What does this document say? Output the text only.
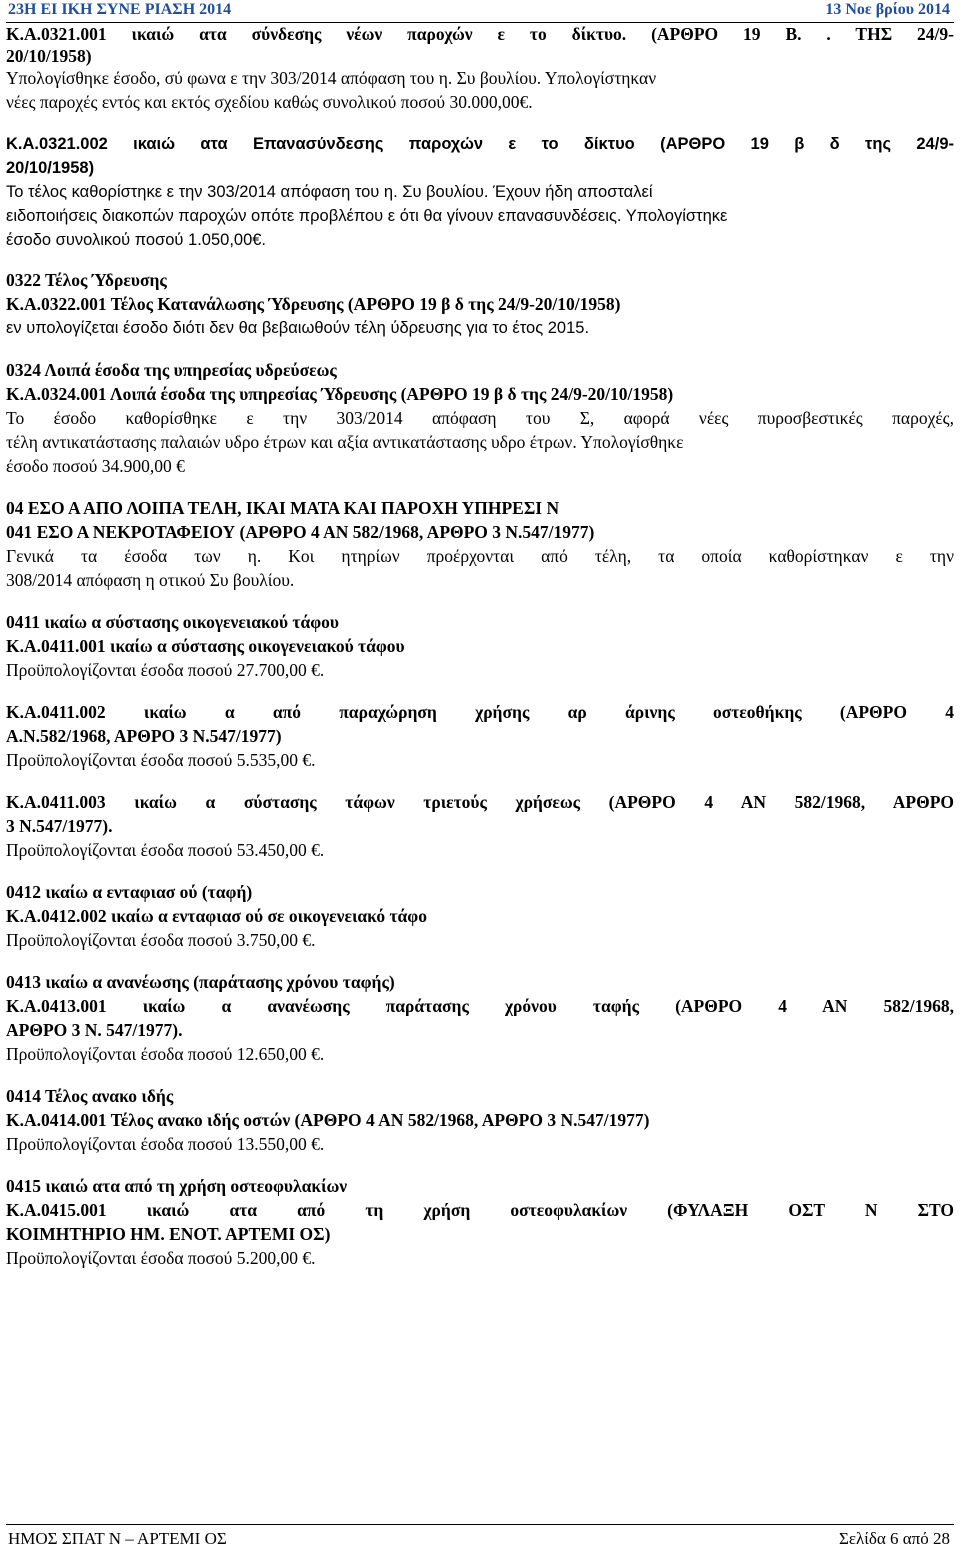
23Η ΕΙ ΙΚΗ ΣΥΝΕ ΡΙΑΣΗ 2014	13 Νοε βρίου 2014
Κ.Α.0321.001 ικαιώ ατα σύνδεσης νέων παροχών ε το δίκτυο. (ΑΡΘΡΟ 19 Β. . ΤΗΣ 24/9-
20/10/1958)
Υπολογίσθηκε έσοδο, σύ φωνα ε την 303/2014 απόφαση του η. Συ βουλίου. Υπολογίστηκαν
νέες παροχές εντός και εκτός σχεδίου καθώς συνολικού ποσού 30.000,00€.
Κ.Α.0321.002 ικαιώ ατα Επανασύνδεσης παροχών ε το δίκτυο (ΑΡΘΡΟ 19 β δ της 24/9-
20/10/1958)
Το τέλος καθορίστηκε ε την 303/2014 απόφαση του η. Συ βουλίου. Έχουν ήδη αποσταλεί
ειδοποιήσεις διακοπών παροχών οπότε προβλέπου ε ότι θα γίνουν επανασυνδέσεις. Υπολογίστηκε
έσοδο συνολικού ποσού 1.050,00€.
0322 Τέλος Ύδρευσης
Κ.Α.0322.001 Τέλος Κατανάλωσης Ύδρευσης (ΑΡΘΡΟ 19 β δ της 24/9-20/10/1958)
εν υπολογίζεται έσοδο διότι δεν θα βεβαιωθούν τέλη ύδρευσης για το έτος 2015.
0324 Λοιπά έσοδα της υπηρεσίας υδρεύσεως
Κ.Α.0324.001 Λοιπά έσοδα της υπηρεσίας Ύδρευσης (ΑΡΘΡΟ 19 β δ της 24/9-20/10/1958)
Το έσοδο καθορίσθηκε ε την 303/2014 απόφαση του Σ, αφορά νέες πυροσβεστικές παροχές,
τέλη αντικατάστασης παλαιών υδρο έτρων και αξία αντικατάστασης υδρο έτρων. Υπολογίσθηκε
έσοδο ποσού 34.900,00 €
04 ΕΣΟ Α ΑΠΟ ΛΟΙΠΑ ΤΕΛΗ, ΙΚΑΙ ΜΑΤΑ ΚΑΙ ΠΑΡΟΧΗ ΥΠΗΡΕΣΙ Ν
041 ΕΣΟ Α ΝΕΚΡΟΤΑΦΕΙΟΥ (ΑΡΘΡΟ 4 ΑΝ 582/1968, ΑΡΘΡΟ 3 Ν.547/1977)
Γενικά τα έσοδα των η. Κοι ητηρίων προέρχονται από τέλη, τα οποία καθορίστηκαν ε την
308/2014 απόφαση η οτικού Συ βουλίου.
0411 ικαίω α σύστασης οικογενειακού τάφου
Κ.Α.0411.001 ικαίω α σύστασης οικογενειακού τάφου
Προϋπολογίζονται έσοδα ποσού 27.700,00 €.
Κ.Α.0411.002 ικαίω α από παραχώρηση χρήσης αρ άρινης οστεοθήκης (ΑΡΘΡΟ 4
Α.Ν.582/1968, ΑΡΘΡΟ 3 Ν.547/1977)
Προϋπολογίζονται έσοδα ποσού 5.535,00 €.
Κ.Α.0411.003 ικαίω α σύστασης τάφων τριετούς χρήσεως (ΑΡΘΡΟ 4 ΑΝ 582/1968, ΑΡΘΡΟ
3 Ν.547/1977).
Προϋπολογίζονται έσοδα ποσού 53.450,00 €.
0412 ικαίω α ενταφιασ ού (ταφή)
Κ.Α.0412.002 ικαίω α ενταφιασ ού σε οικογενειακό τάφο
Προϋπολογίζονται έσοδα ποσού 3.750,00 €.
0413 ικαίω α ανανέωσης (παράτασης χρόνου ταφής)
Κ.Α.0413.001 ικαίω α ανανέωσης παράτασης χρόνου ταφής (ΑΡΘΡΟ 4 ΑΝ 582/1968,
ΑΡΘΡΟ 3 Ν. 547/1977).
Προϋπολογίζονται έσοδα ποσού 12.650,00 €.
0414 Τέλος ανακο ιδής
Κ.Α.0414.001 Τέλος ανακο ιδής οστών (ΑΡΘΡΟ 4 ΑΝ 582/1968, ΑΡΘΡΟ 3 Ν.547/1977)
Προϋπολογίζονται έσοδα ποσού 13.550,00 €.
0415 ικαιώ ατα από τη χρήση οστεοφυλακίων
Κ.Α.0415.001 ικαιώ ατα από τη χρήση οστεοφυλακίων (ΦΥΛΑΞΗ ΟΣΤ Ν ΣΤΟ
ΚΟΙΜΗΤΗΡΙΟ ΗΜ. ΕΝΟΤ. ΑΡΤΕΜΙ ΟΣ)
Προϋπολογίζονται έσοδα ποσού 5.200,00 €.
ΗΜΟΣ ΣΠΑΤ Ν – ΑΡΤΕΜΙ ΟΣ	Σελίδα 6 από 28
